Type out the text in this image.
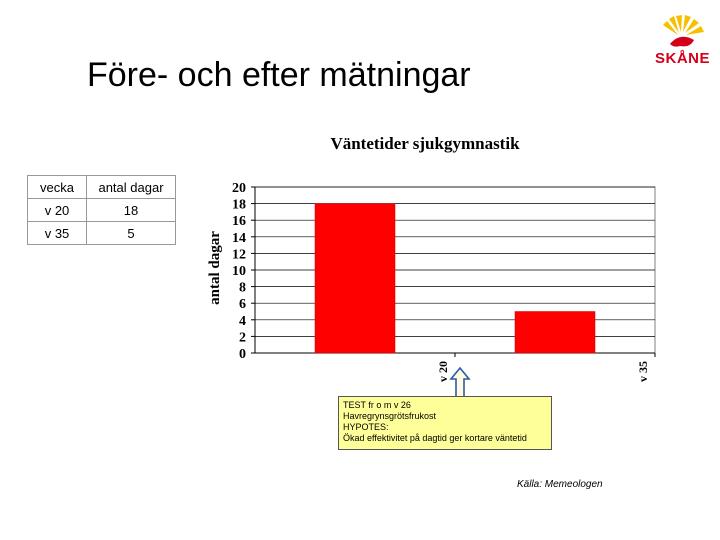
Före- och efter mätningar	SKÅNE
vecka	antal dagar
v 20	18
v 35	5
Väntetider sjukgymnastik
antal dagar
0
2
4
6
8
10
12
14
16
18
20
v 20	v 35
TEST fr o m v 26
Havregrynsgrötsfrukost
HYPOTES:
Ökad effektivitet på dagtid ger kortare väntetid
Källa: Memeologen
